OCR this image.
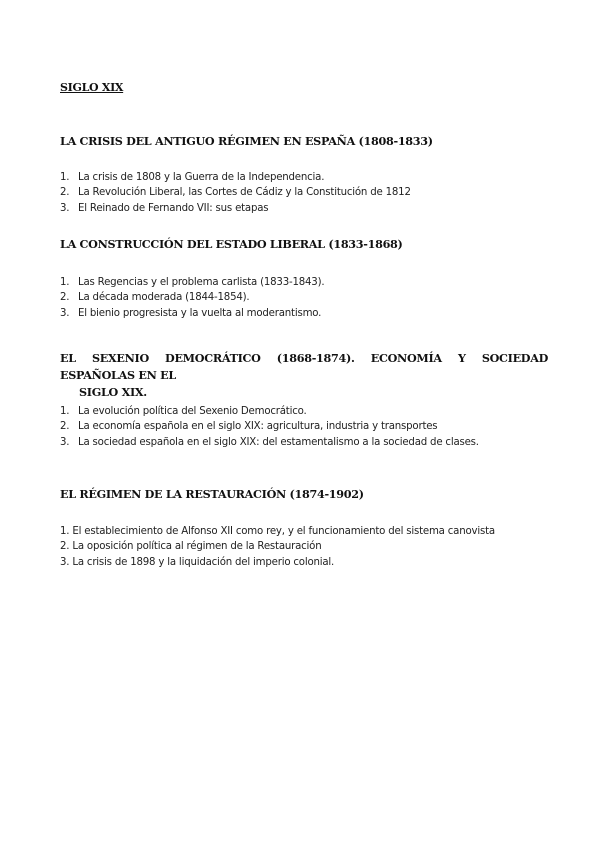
SIGLO XIX
LA CRISIS DEL ANTIGUO RÉGIMEN EN ESPAÑA (1808-1833)
1. La crisis de 1808 y la Guerra de la Independencia.
2. La Revolución Liberal, las Cortes de Cádiz y la Constitución de 1812
3. El Reinado de Fernando VII: sus etapas
LA CONSTRUCCIÓN DEL ESTADO LIBERAL (1833-1868)
1. Las Regencias y el problema carlista (1833-1843).
2. La década moderada (1844-1854).
3. El bienio progresista y la vuelta al moderantismo.
EL SEXENIO DEMOCRÁTICO (1868-1874). ECONOMÍA Y SOCIEDAD ESPAÑOLAS EN EL
SIGLO XIX.
1. La evolución política del Sexenio Democrático.
2. La economía española en el siglo XIX: agricultura, industria y transportes
3. La sociedad española en el siglo XIX: del estamentalismo a la sociedad de clases.
EL RÉGIMEN DE LA RESTAURACIÓN (1874-1902)
1. El establecimiento de Alfonso XII como rey, y el funcionamiento del sistema canovista
2. La oposición política al régimen de la Restauración
3. La crisis de 1898 y la liquidación del imperio colonial.
